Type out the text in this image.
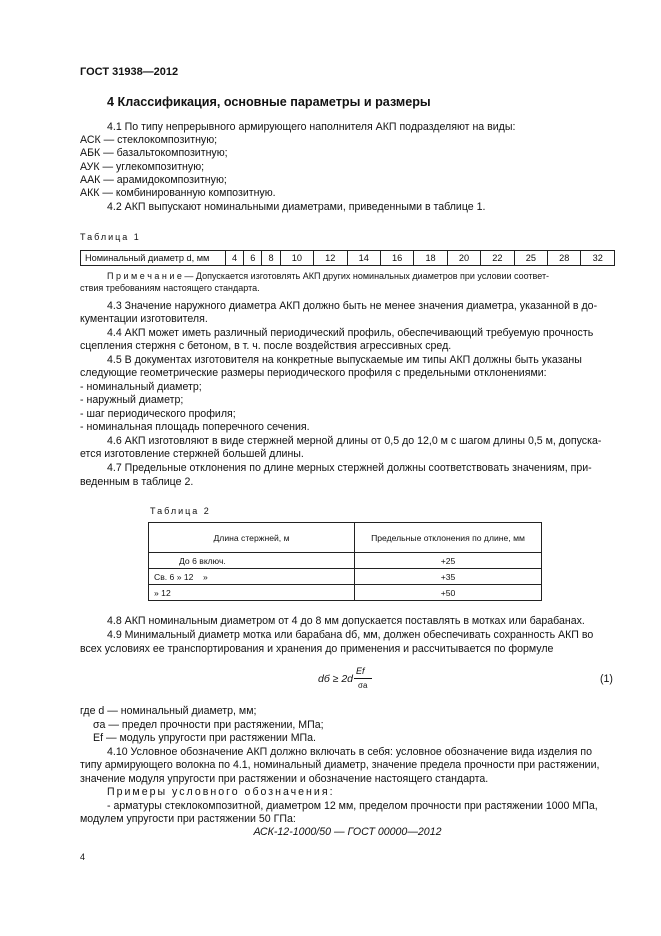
ГОСТ 31938—2012
4 Классификация, основные параметры и размеры
4.1 По типу непрерывного армирующего наполнителя АКП подразделяют на виды:
АСК — стеклокомпозитную;
АБК — базальтокомпозитную;
АУК — углекомпозитную;
ААК — арамидокомпозитную;
АКК — комбинированную композитную.
4.2 АКП выпускают номинальными диаметрами, приведенными в таблице 1.
Таблица 1
Номинальный диаметр d, мм	4	6	8	10	12	14	16	18	20	22	25	28	32
П р и м е ч а н и е — Допускается изготовлять АКП других номинальных диаметров при условии соответ-
ствия требованиям настоящего стандарта.
4.3 Значение наружного диаметра АКП должно быть не менее значения диаметра, указанной в до-
кументации изготовителя.
4.4 АКП может иметь различный периодический профиль, обеспечивающий требуемую прочность
сцепления стержня с бетоном, в т. ч. после воздействия агрессивных сред.
4.5 В документах изготовителя на конкретные выпускаемые им типы АКП должны быть указаны
следующие геометрические размеры периодического профиля с предельными отклонениями:
- номинальный диаметр;
- наружный диаметр;
- шаг периодического профиля;
- номинальная площадь поперечного сечения.
4.6 АКП изготовляют в виде стержней мерной длины от 0,5 до 12,0 м с шагом длины 0,5 м, допуска-
ется изготовление стержней большей длины.
4.7 Предельные отклонения по длине мерных стержней должны соответствовать значениям, при-
веденным в таблице 2.
Таблица 2
Длина стержней, м	Предельные отклонения по длине, мм
До 6 включ.	+25
Св. 6 » 12    »	+35
» 12	+50
4.8 АКП номинальным диаметром от 4 до 8 мм допускается поставлять в мотках или барабанах.
4.9 Минимальный диаметр мотка или барабана dб, мм, должен обеспечивать сохранность АКП во
всех условиях ее транспортирования и хранения до применения и рассчитывается по формуле
dб ≥ 2d
Ef
σa
(1)
где d — номинальный диаметр, мм;
σa — предел прочности при растяжении, МПа;
Ef — модуль упругости при растяжении МПа.
4.10 Условное обозначение АКП должно включать в себя: условное обозначение вида изделия по
типу армирующего волокна по 4.1, номинальный диаметр, значение предела прочности при растяжении,
значение модуля упругости при растяжении и обозначение настоящего стандарта.
Примеры условного обозначения:
- арматуры стеклокомпозитной, диаметром 12 мм, пределом прочности при растяжении 1000 МПа,
модулем упругости при растяжении 50 ГПа:
АСК-12-1000/50 — ГОСТ 00000—2012
4
